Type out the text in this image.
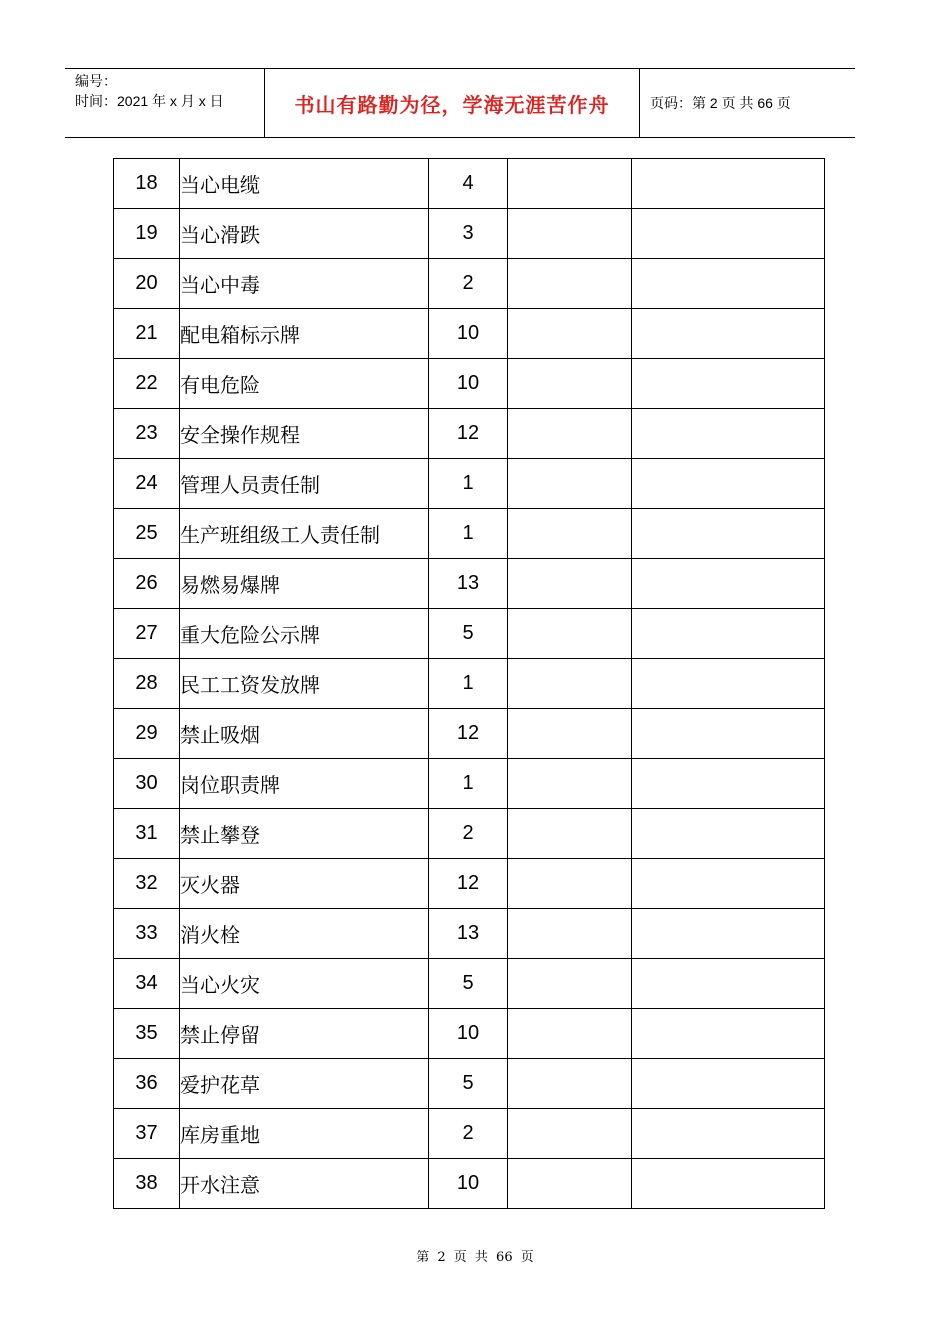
编号：
时间：2021 年 x 月 x 日	书山有路勤为径，学海无涯苦作舟	页码：第 2 页 共 66 页
18	当心电缆	4		
19	当心滑跌	3		
20	当心中毒	2		
21	配电箱标示牌	10		
22	有电危险	10		
23	安全操作规程	12		
24	管理人员责任制	1		
25	生产班组级工人责任制	1		
26	易燃易爆牌	13		
27	重大危险公示牌	5		
28	民工工资发放牌	1		
29	禁止吸烟	12		
30	岗位职责牌	1		
31	禁止攀登	2		
32	灭火器	12		
33	消火栓	13		
34	当心火灾	5		
35	禁止停留	10		
36	爱护花草	5		
37	库房重地	2		
38	开水注意	10		
第 2 页 共 66 页
